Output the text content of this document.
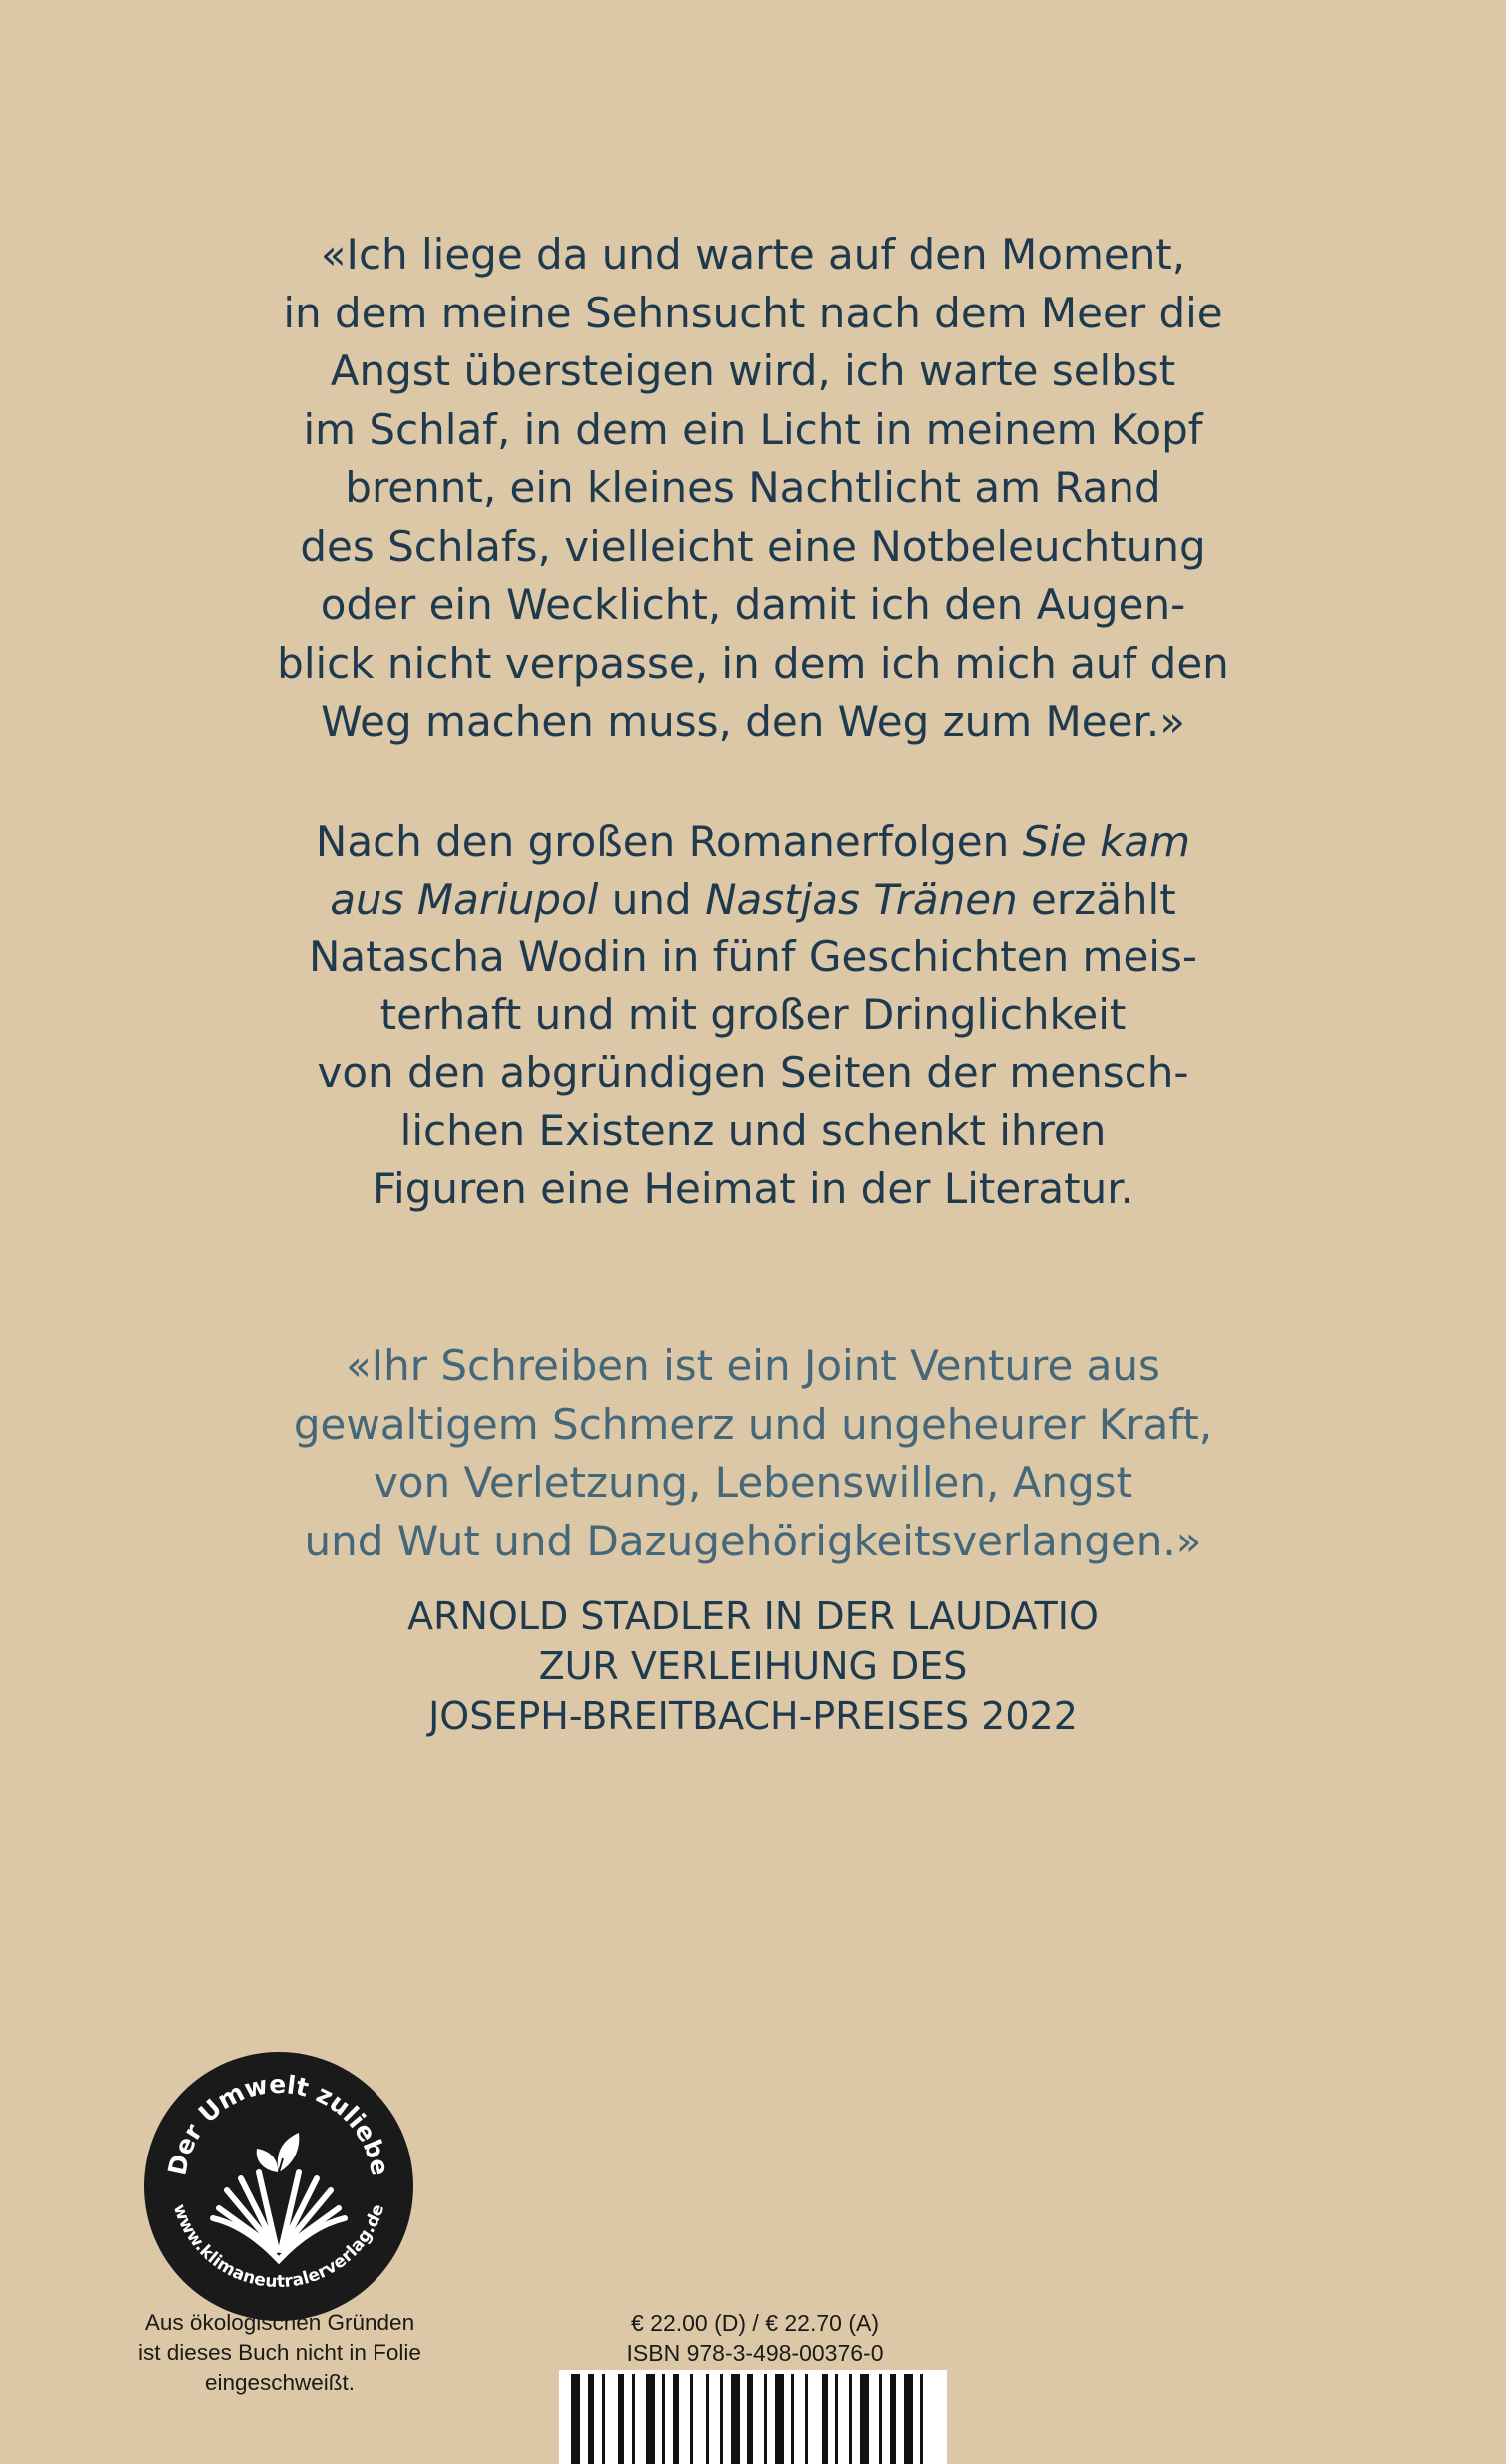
«Ich liege da und warte auf den Moment,
in dem meine Sehnsucht nach dem Meer die
Angst übersteigen wird, ich warte selbst
im Schlaf, in dem ein Licht in meinem Kopf
brennt, ein kleines Nachtlicht am Rand
des Schlafs, vielleicht eine Notbeleuchtung
oder ein Wecklicht, damit ich den Augen-
blick nicht verpasse, in dem ich mich auf den
Weg machen muss, den Weg zum Meer.»
Nach den großen Romanerfolgen Sie kam
aus Mariupol und Nastjas Tränen erzählt
Natascha Wodin in fünf Geschichten meis-
terhaft und mit großer Dringlichkeit
von den abgründigen Seiten der mensch-
lichen Existenz und schenkt ihren
Figuren eine Heimat in der Literatur.
«Ihr Schreiben ist ein Joint Venture aus
gewaltigem Schmerz und ungeheurer Kraft,
von Verletzung, Lebenswillen, Angst
und Wut und Dazugehörigkeitsverlangen.»
ARNOLD STADLER IN DER LAUDATIO
ZUR VERLEIHUNG DES
JOSEPH-BREITBACH-PREISES 2022
Der Umwelt zuliebe
www.klimaneutralerverlag.de
Aus ökologischen Gründen
ist dieses Buch nicht in Folie
eingeschweißt.
€ 22.00 (D) / € 22.70 (A)
ISBN 978-3-498-00376-0
